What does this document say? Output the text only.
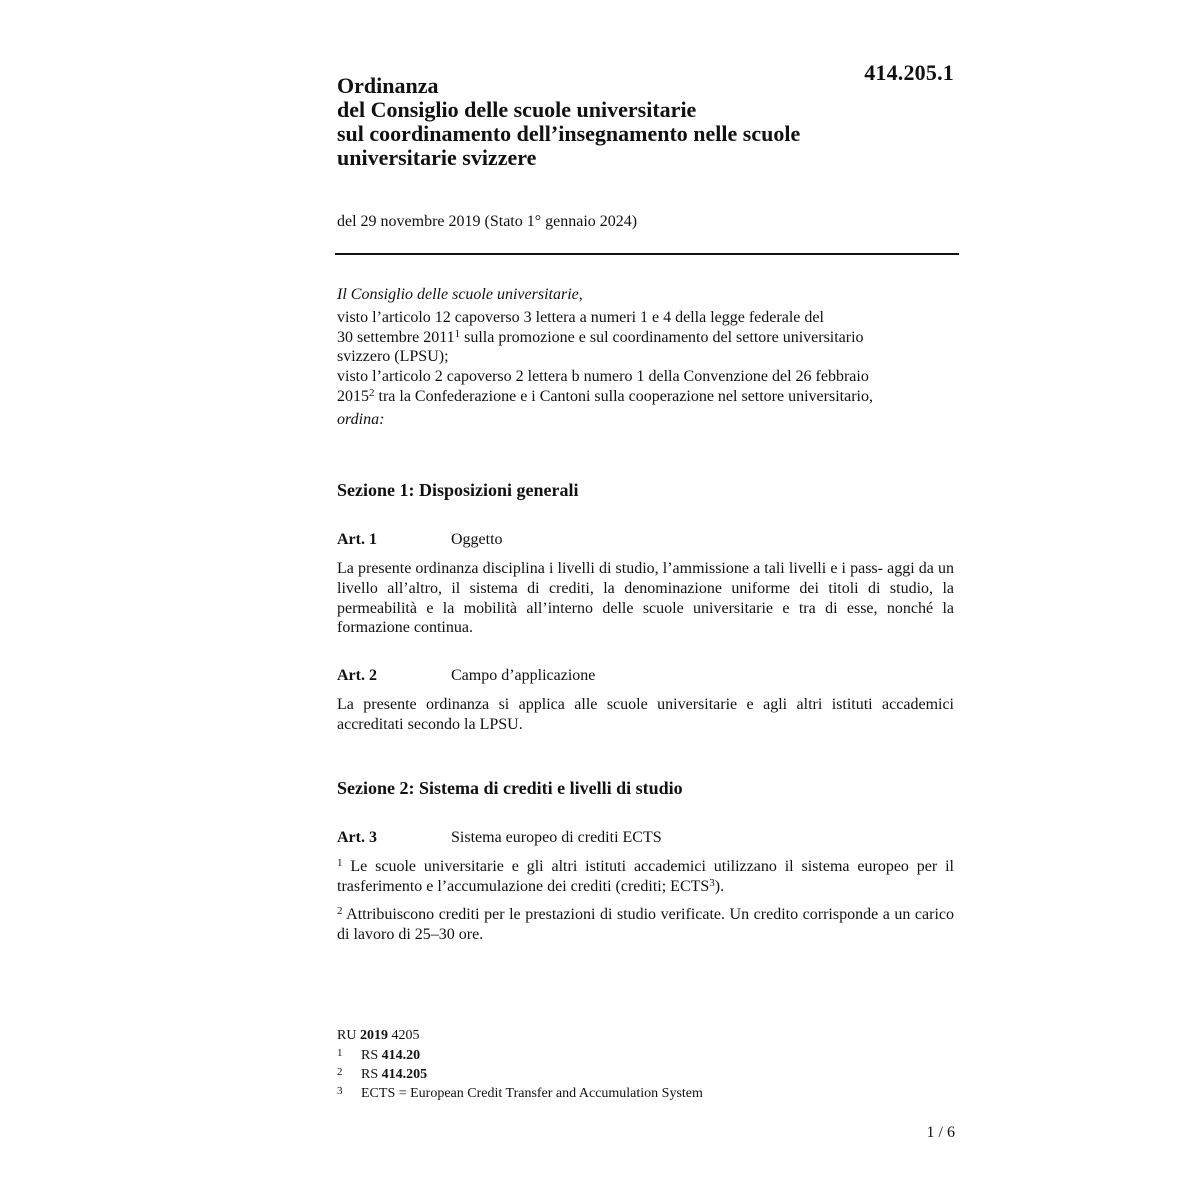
414.205.1
Ordinanza
del Consiglio delle scuole universitarie
sul coordinamento dell’insegnamento nelle scuole
universitarie svizzere
del 29 novembre 2019 (Stato 1° gennaio 2024)

Il Consiglio delle scuole universitarie,

visto l’articolo 12 capoverso 3 lettera a numeri 1 e 4 della legge federale del
30 settembre 2011$^1$ sulla promozione e sul coordinamento del settore universitario
svizzero (LPSU);

visto l’articolo 2 capoverso 2 lettera b numero 1 della Convenzione del 26 febbraio
2015$^2$ tra la Confederazione e i Cantoni sulla cooperazione nel settore universitario,

ordina:

Sezione 1: Disposizioni generali
Art. 1	Oggetto

La presente ordinanza disciplina i livelli di studio, l’ammissione a tali livelli e i pass- aggi da un livello all’altro, il sistema di crediti, la denominazione uniforme dei titoli di studio, la permeabilità e la mobilità all’interno delle scuole universitarie e tra di esse, nonché la formazione continua.

Art. 2	Campo d’applicazione

La presente ordinanza si applica alle scuole universitarie e agli altri istituti accademici accreditati secondo la LPSU.

Sezione 2: Sistema di crediti e livelli di studio
Art. 3	Sistema europeo di crediti ECTS

$^1$ Le scuole universitarie e gli altri istituti accademici utilizzano il sistema europeo per il trasferimento e l’accumulazione dei crediti (crediti; ECTS$^3$).

$^2$ Attribuiscono crediti per le prestazioni di studio verificate. Un credito corrisponde a un carico di lavoro di 25–30 ore.

RU 2019 4205
1 RS 414.20
2 RS 414.205
3 ECTS = European Credit Transfer and Accumulation System
1 / 6
